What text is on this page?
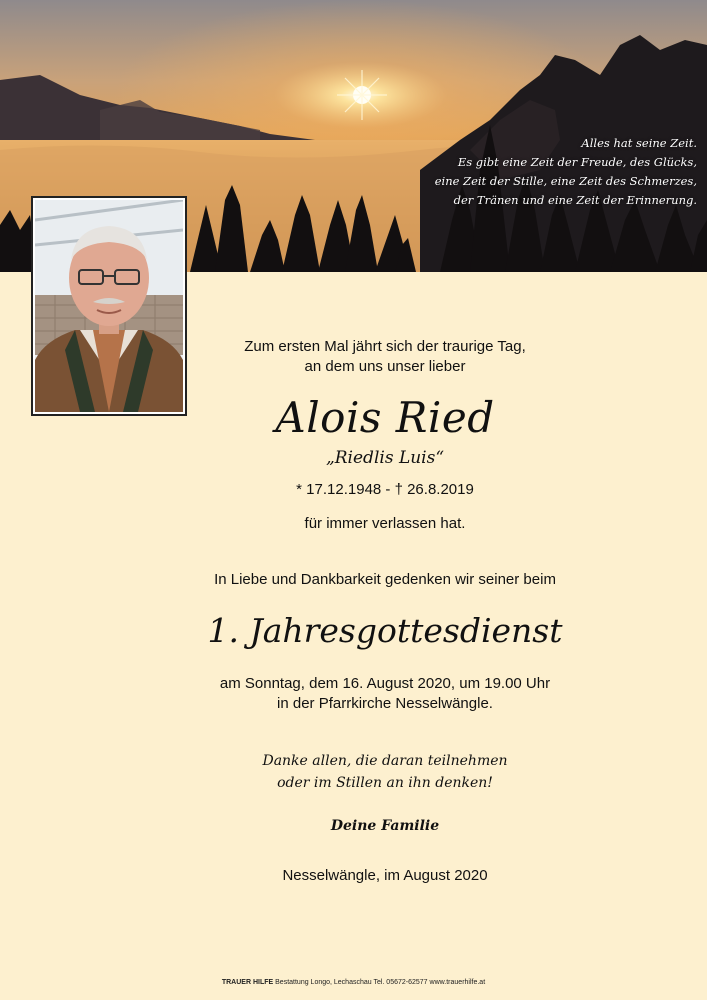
Alles hat seine Zeit.
Es gibt eine Zeit der Freude, des Glücks,
eine Zeit der Stille, eine Zeit des Schmerzes,
der Tränen und eine Zeit der Erinnerung.
Zum ersten Mal jährt sich der traurige Tag,
an dem uns unser lieber
Alois Ried
„Riedlis Luis“
* 17.12.1948 - † 26.8.2019
für immer verlassen hat.
In Liebe und Dankbarkeit gedenken wir seiner beim
1. Jahresgottesdienst
am Sonntag, dem 16. August 2020, um 19.00 Uhr
in der Pfarrkirche Nesselwängle.
Danke allen, die daran teilnehmen
oder im Stillen an ihn denken!
Deine Familie
Nesselwängle, im August 2020
TRAUER HILFE Bestattung Longo, Lechaschau Tel. 05672-62577 www.trauerhilfe.at
